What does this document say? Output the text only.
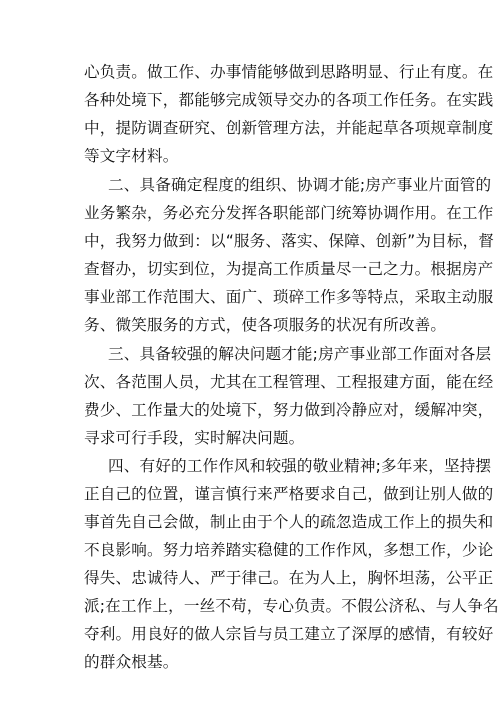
心负责。做工作、办事情能够做到思路明显、行止有度。在
各种处境下，都能够完成领导交办的各项工作任务。在实践
中，提防调查研究、创新管理方法，并能起草各项规章制度
等文字材料。
二、具备确定程度的组织、协调才能;房产事业片面管的
业务繁杂，务必充分发挥各职能部门统筹协调作用。在工作
中，我努力做到：以“服务、落实、保障、创新”为目标，督
查督办，切实到位，为提高工作质量尽一己之力。根据房产
事业部工作范围大、面广、琐碎工作多等特点，采取主动服
务、微笑服务的方式，使各项服务的状况有所改善。
三、具备较强的解决问题才能;房产事业部工作面对各层
次、各范围人员，尤其在工程管理、工程报建方面，能在经
费少、工作量大的处境下，努力做到冷静应对，缓解冲突，
寻求可行手段，实时解决问题。
四、有好的工作作风和较强的敬业精神;多年来，坚持摆
正自己的位置，谨言慎行来严格要求自己，做到让别人做的
事首先自己会做，制止由于个人的疏忽造成工作上的损失和
不良影响。努力培养踏实稳健的工作作风，多想工作，少论
得失、忠诚待人、严于律己。在为人上，胸怀坦荡，公平正
派;在工作上，一丝不苟，专心负责。不假公济私、与人争名
夺利。用良好的做人宗旨与员工建立了深厚的感情，有较好
的群众根基。
